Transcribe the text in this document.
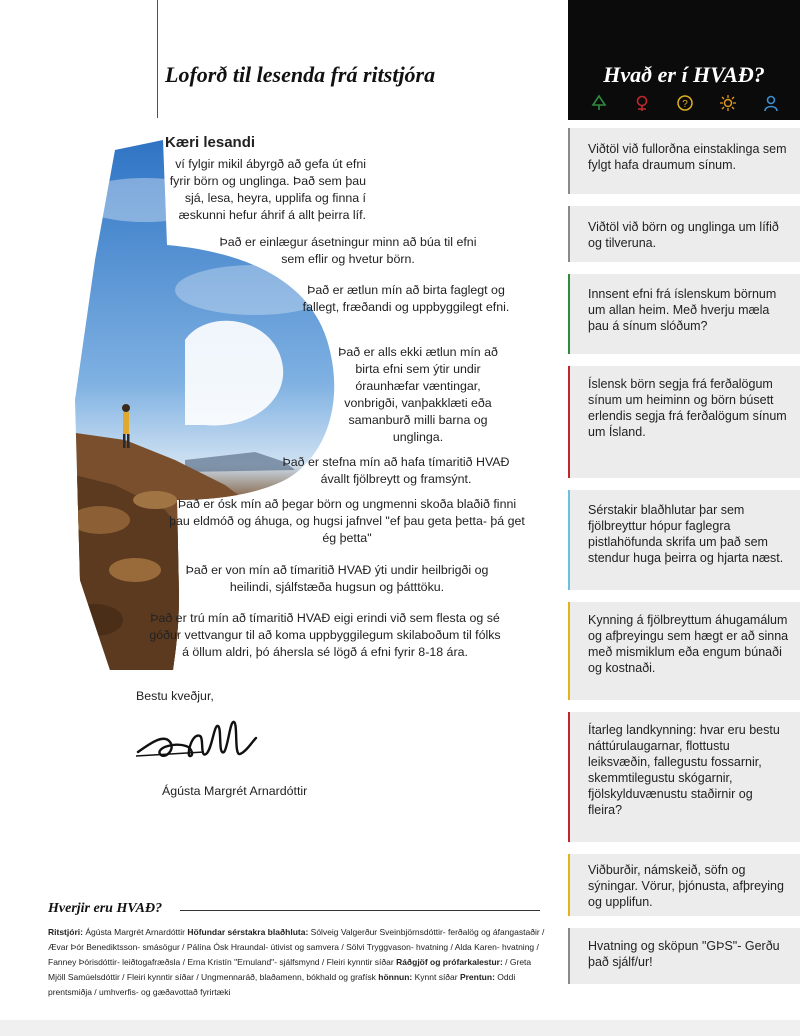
Loforð til lesenda frá ritstjóra
Kæri lesandi

ví fylgir mikil ábyrgð að gefa út efni fyrir börn og unglinga. Það sem þau sjá, lesa, heyra, upplifa og finna í æskunni hefur áhrif á allt þeirra líf.

Það er einlægur ásetningur minn að búa til efni sem eflir og hvetur börn.

Það er ætlun mín að birta faglegt og fallegt, fræðandi og uppbyggilegt efni.

Það er alls ekki ætlun mín að birta efni sem ýtir undir óraunhæfar væntingar, vonbrigði, vanþakklæti eða samanburð milli barna og unglinga.

Það er stefna mín að hafa tímaritið HVAÐ ávallt fjölbreytt og framsýnt.

Það er ósk mín að þegar börn og ungmenni skoða blaðið finni þau eldmóð og áhuga, og hugsi jafnvel "ef þau geta þetta- þá get ég þetta"

Það er von mín að tímaritið HVAÐ ýti undir heilbrigði og heilindi, sjálfstæða hugsun og þátttöku.

Það er trú mín að tímaritið HVAÐ eigi erindi við sem flesta og sé góður vettvangur til að koma uppbyggilegum skilaboðum til fólks á öllum aldri, þó áhersla sé lögð á efni fyrir 8-18 ára.

Bestu kveðjur,
Ágústa Margrét Arnardóttir
Hvað er í HVAÐ?
?
Viðtöl við fullorðna einstaklinga sem fylgt hafa draumum sínum.
Viðtöl við börn og unglinga um lífið og tilveruna.
Innsent efni frá íslenskum börnum um allan heim. Með hverju mæla þau á sínum slóðum?
Íslensk börn segja frá ferðalögum sínum um heiminn og börn búsett erlendis segja frá ferðalögum sínum um Ísland.
Sérstakir blaðhlutar þar sem fjölbreyttur hópur faglegra pistlahöfunda skrifa um það sem stendur huga þeirra og hjarta næst.
Kynning á fjölbreyttum áhugamálum og afþreyingu sem hægt er að sinna með mismiklum eða engum búnaði og kostnaði.
Ítarleg landkynning: hvar eru bestu náttúrulaugarnar, flottustu leiksvæðin, fallegustu fossarnir, skemmtilegustu skógarnir, fjölskylduvænustu staðirnir og fleira?
Viðburðir, námskeið, söfn og sýningar. Vörur, þjónusta, afþreying og upplifun.
Hvatning og sköpun "GÞS"- Gerðu það sjálf/ur!
Hverjir eru HVAÐ?
Ritstjóri: Ágústa Margrét Arnardóttir Höfundar sérstakra blaðhluta: Sólveig Valgerður Sveinbjörnsdóttir- ferðalög og áfangastaðir / Ævar Þór Benediktsson- smásögur / Pálína Ósk Hraundal- útivist og samvera / Sölvi Tryggvason- hvatning / Alda Karen- hvatning / Fanney Þórisdóttir- leiðtogafræðsla / Erna Kristín "Ernuland"- sjálfsmynd / Fleiri kynntir síðar Ráðgjöf og prófarkalestur: / Greta Mjöll Samúelsdóttir / Fleiri kynntir síðar / Ungmennaráð, blaðamenn, bókhald og grafísk hönnun: Kynnt síðar Prentun: Oddi prentsmiðja / umhverfis- og gæðavottað fyrirtæki
